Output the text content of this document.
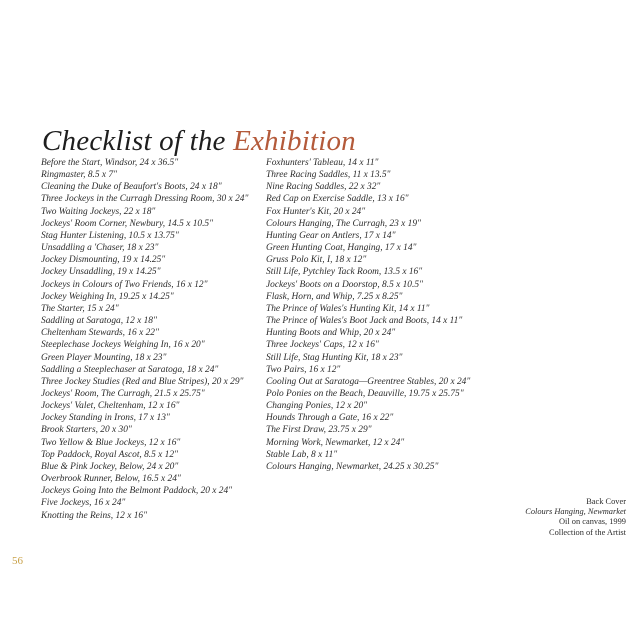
Checklist of the Exhibition
Before the Start, Windsor, 24 x 36.5"
Ringmaster, 8.5 x 7"
Cleaning the Duke of Beaufort's Boots, 24 x 18"
Three Jockeys in the Curragh Dressing Room, 30 x 24"
Two Waiting Jockeys, 22 x 18"
Jockeys' Room Corner, Newbury, 14.5 x 10.5"
Stag Hunter Listening, 10.5 x 13.75"
Unsaddling a 'Chaser, 18 x 23"
Jockey Dismounting, 19 x 14.25"
Jockey Unsaddling, 19 x 14.25"
Jockeys in Colours of Two Friends, 16 x 12"
Jockey Weighing In, 19.25 x 14.25"
The Starter, 15 x 24"
Saddling at Saratoga, 12 x 18"
Cheltenham Stewards, 16 x 22"
Steeplechase Jockeys Weighing In, 16 x 20"
Green Player Mounting, 18 x 23"
Saddling a Steeplechaser at Saratoga, 18 x 24"
Three Jockey Studies (Red and Blue Stripes), 20 x 29"
Jockeys' Room, The Curragh, 21.5 x 25.75"
Jockeys' Valet, Cheltenham, 12 x 16"
Jockey Standing in Irons, 17 x 13"
Brook Starters, 20 x 30"
Two Yellow & Blue Jockeys, 12 x 16"
Top Paddock, Royal Ascot, 8.5 x 12"
Blue & Pink Jockey, Below, 24 x 20"
Overbrook Runner, Below, 16.5 x 24"
Jockeys Going Into the Belmont Paddock, 20 x 24"
Five Jockeys, 16 x 24"
Knotting the Reins, 12 x 16"
Foxhunters' Tableau, 14 x 11"
Three Racing Saddles, 11 x 13.5"
Nine Racing Saddles, 22 x 32"
Red Cap on Exercise Saddle, 13 x 16"
Fox Hunter's Kit, 20 x 24"
Colours Hanging, The Curragh, 23 x 19"
Hunting Gear on Antlers, 17 x 14"
Green Hunting Coat, Hanging, 17 x 14"
Gruss Polo Kit, I, 18 x 12"
Still Life, Pytchley Tack Room, 13.5 x 16"
Jockeys' Boots on a Doorstop, 8.5 x 10.5"
Flask, Horn, and Whip, 7.25 x 8.25"
The Prince of Wales's Hunting Kit, 14 x 11"
The Prince of Wales's Boot Jack and Boots, 14 x 11"
Hunting Boots and Whip, 20 x 24"
Three Jockeys' Caps, 12 x 16"
Still Life, Stag Hunting Kit, 18 x 23"
Two Pairs, 16 x 12"
Cooling Out at Saratoga—Greentree Stables, 20 x 24"
Polo Ponies on the Beach, Deauville, 19.75 x 25.75"
Changing Ponies, 12 x 20"
Hounds Through a Gate, 16 x 22"
The First Draw, 23.75 x 29"
Morning Work, Newmarket, 12 x 24"
Stable Lab, 8 x 11"
Colours Hanging, Newmarket, 24.25 x 30.25"
Back Cover
Colours Hanging, Newmarket
Oil on canvas, 1999
Collection of the Artist
56
